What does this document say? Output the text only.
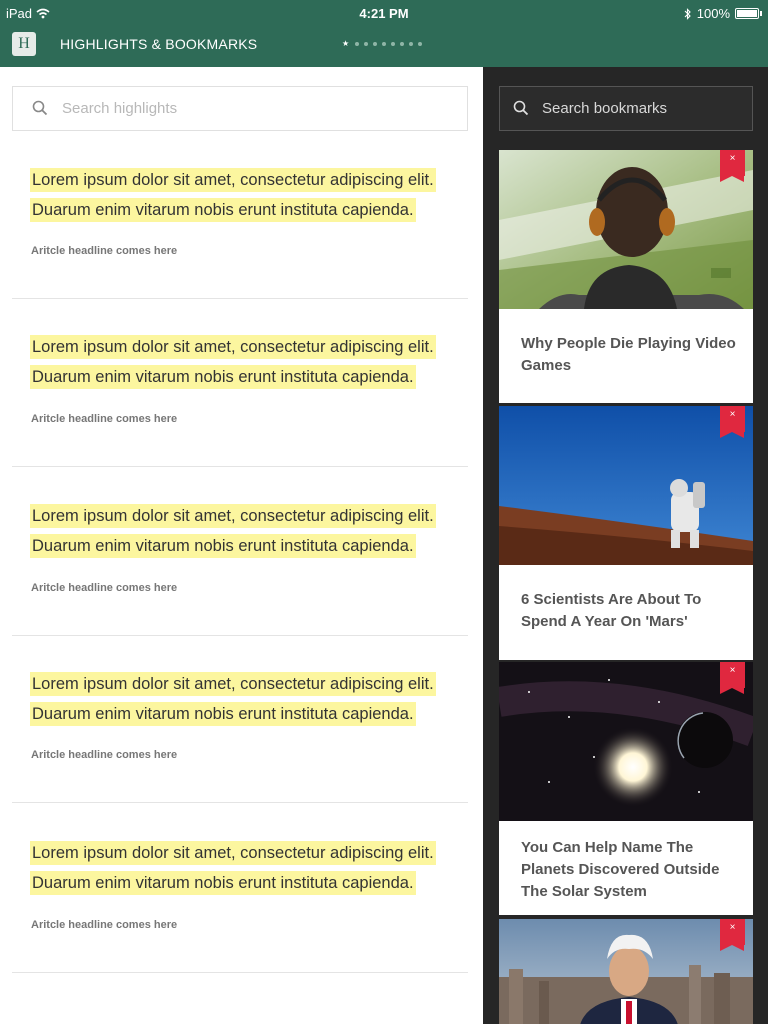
iPad	4:21 PM	100%
H	HIGHLIGHTS & BOOKMARKS	★
Search highlights
Lorem ipsum dolor sit amet, consectetur adipiscing elit.
Duarum enim vitarum nobis erunt instituta capienda.
Aritcle headline comes here
Lorem ipsum dolor sit amet, consectetur adipiscing elit.
Duarum enim vitarum nobis erunt instituta capienda.
Aritcle headline comes here
Lorem ipsum dolor sit amet, consectetur adipiscing elit.
Duarum enim vitarum nobis erunt instituta capienda.
Aritcle headline comes here
Lorem ipsum dolor sit amet, consectetur adipiscing elit.
Duarum enim vitarum nobis erunt instituta capienda.
Aritcle headline comes here
Lorem ipsum dolor sit amet, consectetur adipiscing elit.
Duarum enim vitarum nobis erunt instituta capienda.
Aritcle headline comes here
Search bookmarks
×
Why People Die Playing Video Games
×
6 Scientists Are About To Spend A Year On 'Mars'
×
You Can Help Name The Planets Discovered Outside The Solar System
×
